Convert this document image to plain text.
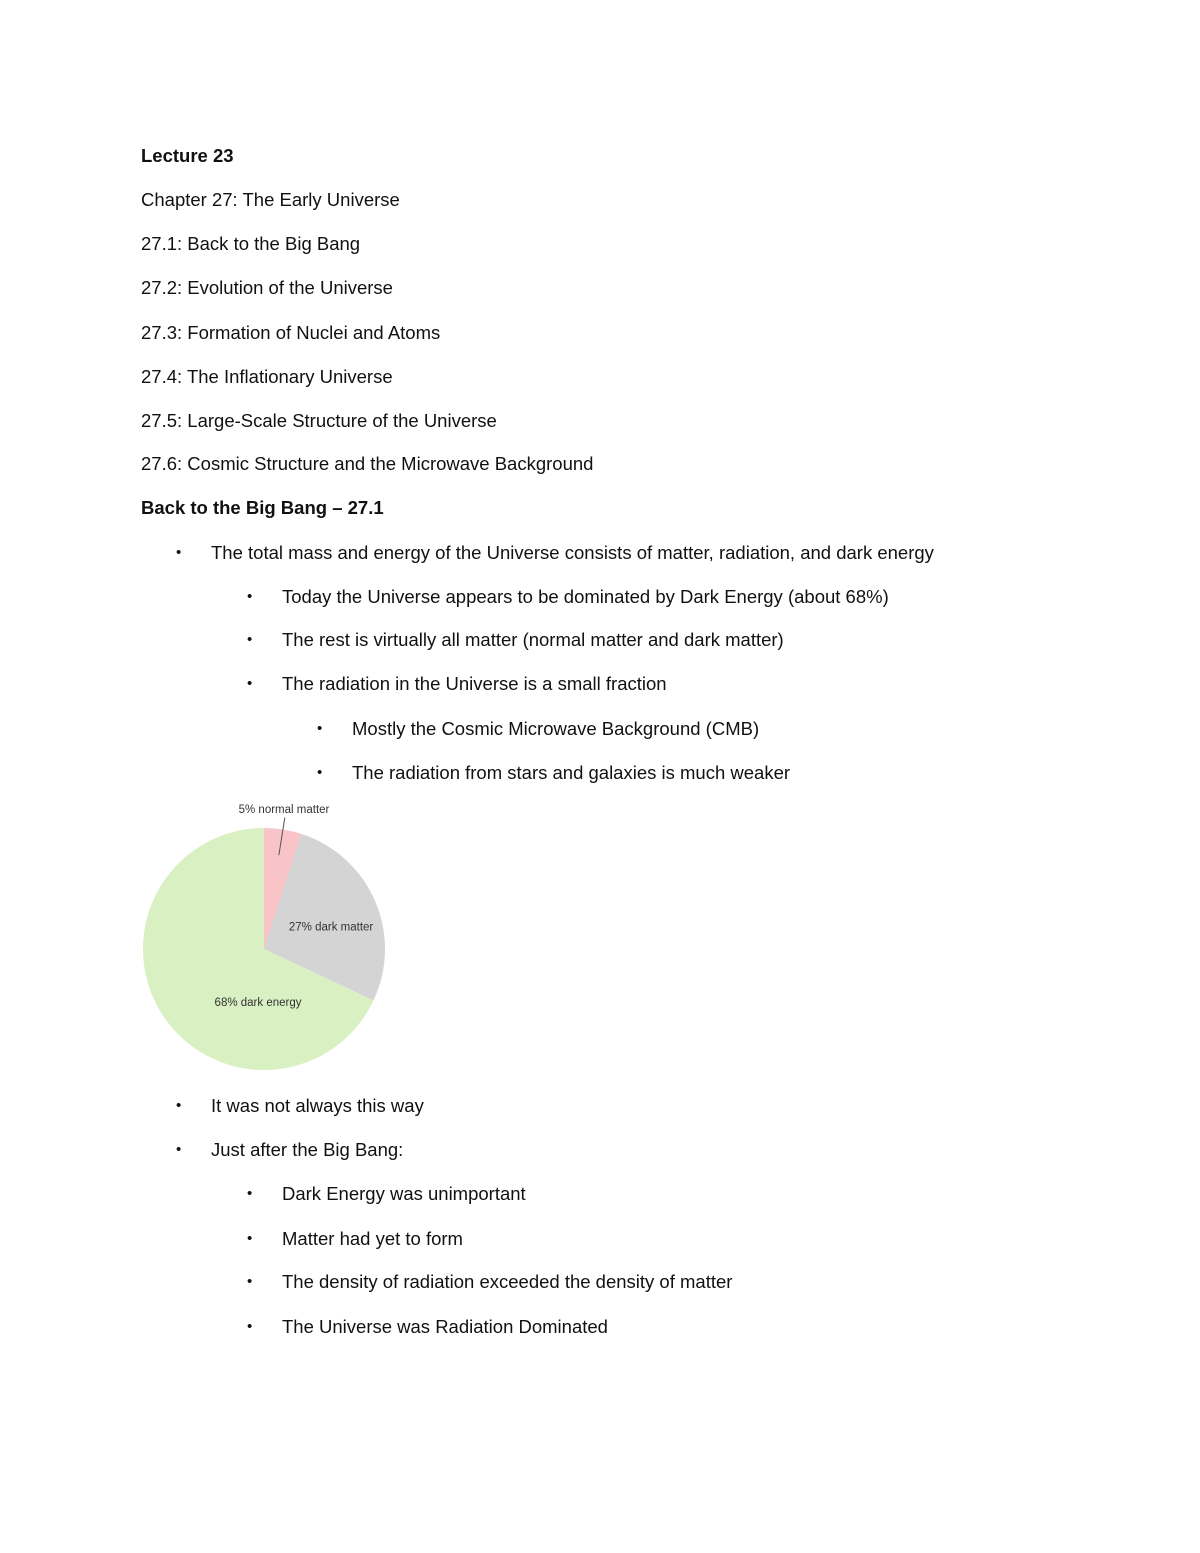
Lecture 23
Chapter 27: The Early Universe
27.1: Back to the Big Bang
27.2: Evolution of the Universe
27.3: Formation of Nuclei and Atoms
27.4: The Inflationary Universe
27.5: Large-Scale Structure of the Universe
27.6: Cosmic Structure and the Microwave Background
Back to the Big Bang – 27.1
• The total mass and energy of the Universe consists of matter, radiation, and dark energy
• Today the Universe appears to be dominated by Dark Energy (about 68%)
• The rest is virtually all matter (normal matter and dark matter)
• The radiation in the Universe is a small fraction
• Mostly the Cosmic Microwave Background (CMB)
• The radiation from stars and galaxies is much weaker
5% normal matter
27% dark matter
68% dark energy
• It was not always this way
• Just after the Big Bang:
• Dark Energy was unimportant
• Matter had yet to form
• The density of radiation exceeded the density of matter
• The Universe was Radiation Dominated
